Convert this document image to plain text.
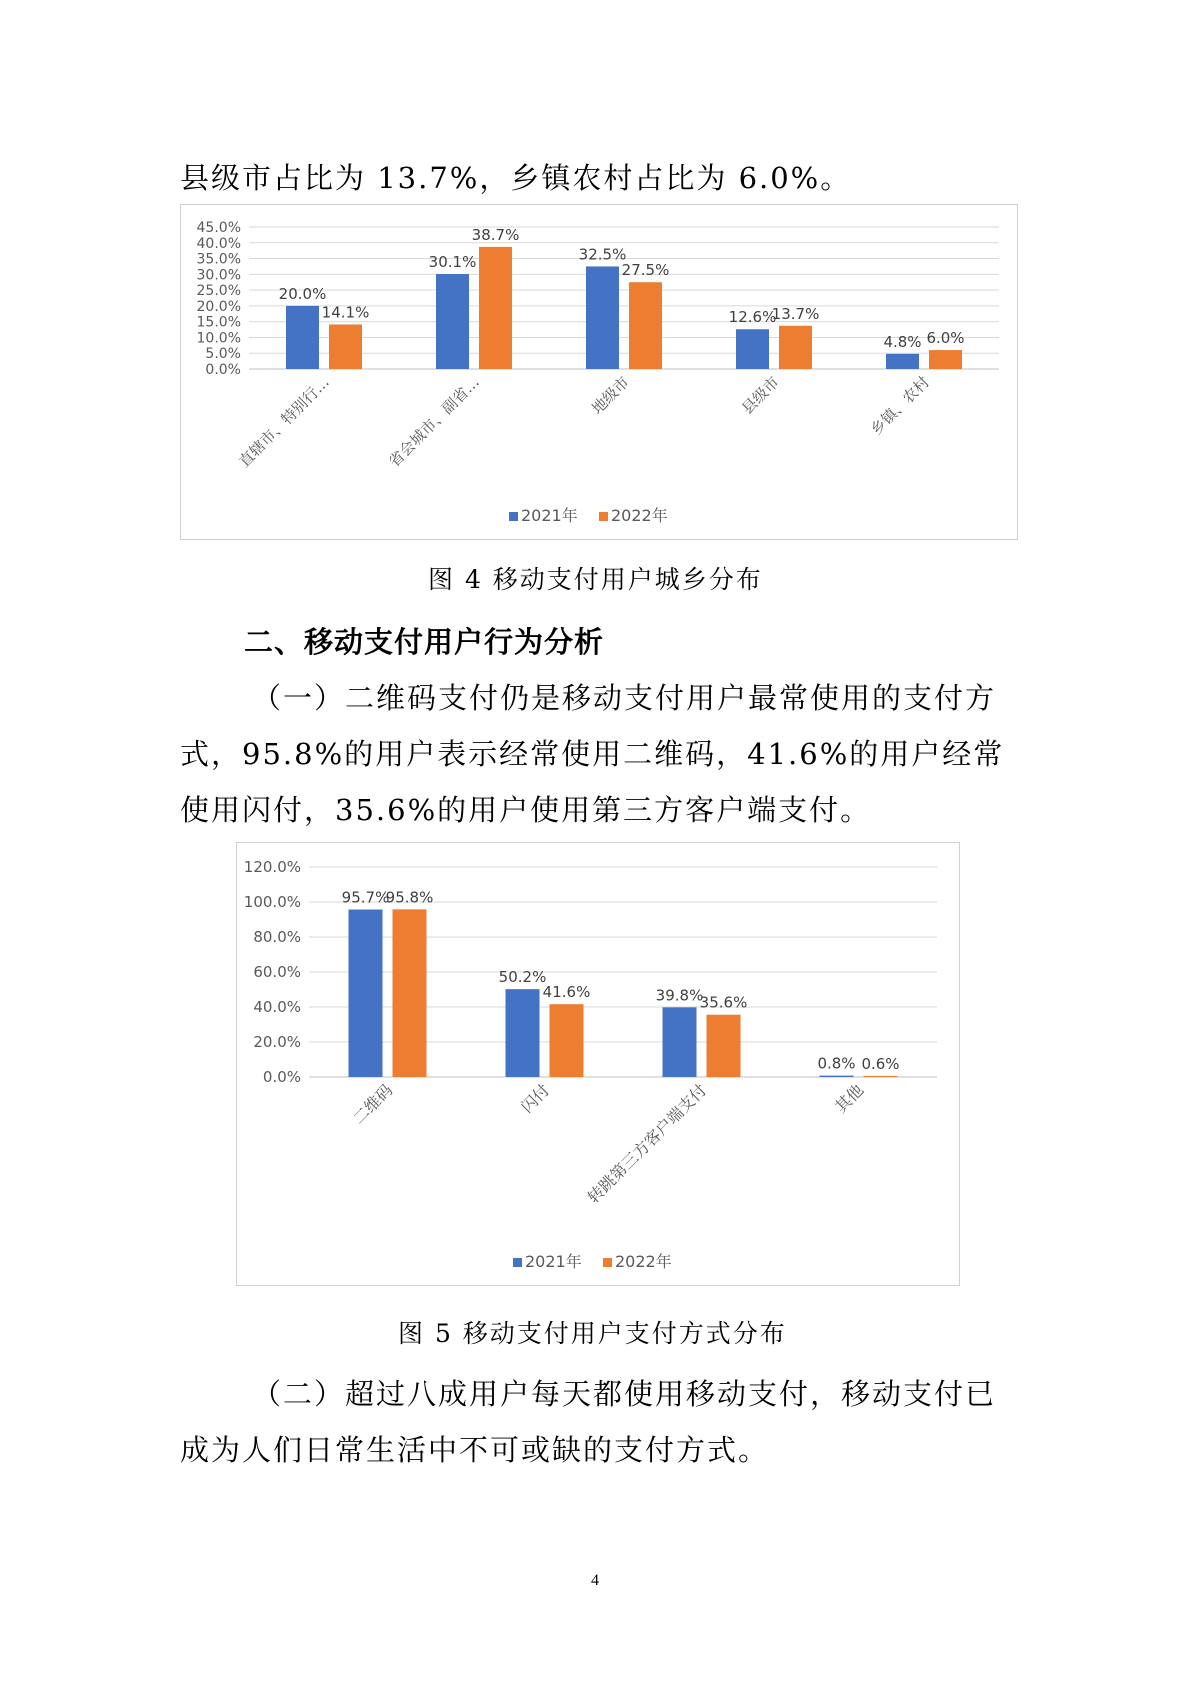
县级市占比为 13.7%，乡镇农村占比为 6.0%。

0.0%
5.0%
10.0%
15.0%
20.0%
25.0%
30.0%
35.0%
40.0%
45.0%
20.0%
14.1%
直辖市、特别行…
30.1%
38.7%
省会城市、副省…
32.5%
27.5%
地级市
12.6%
13.7%
县级市
4.8% 6.0%
乡镇、农村
2021年 2022年
图 4 移动支付用户城乡分布
二、移动支付用户行为分析

（一）二维码支付仍是移动支付用户最常使用的支付方式，95.8%的用户表示经常使用二维码，41.6%的用户经常使用闪付，35.6%的用户使用第三方客户端支付。

0.0%
20.0%
40.0%
60.0%
80.0%
100.0%
120.0%
95.7%
95.8%
二维码
50.2%
41.6%
闪付
39.8%
35.6%
转跳第三方客户端支付
0.8% 0.6%
其他
2021年 2022年
图 5 移动支付用户支付方式分布

（二）超过八成用户每天都使用移动支付，移动支付已成为人们日常生活中不可或缺的支付方式。

4
